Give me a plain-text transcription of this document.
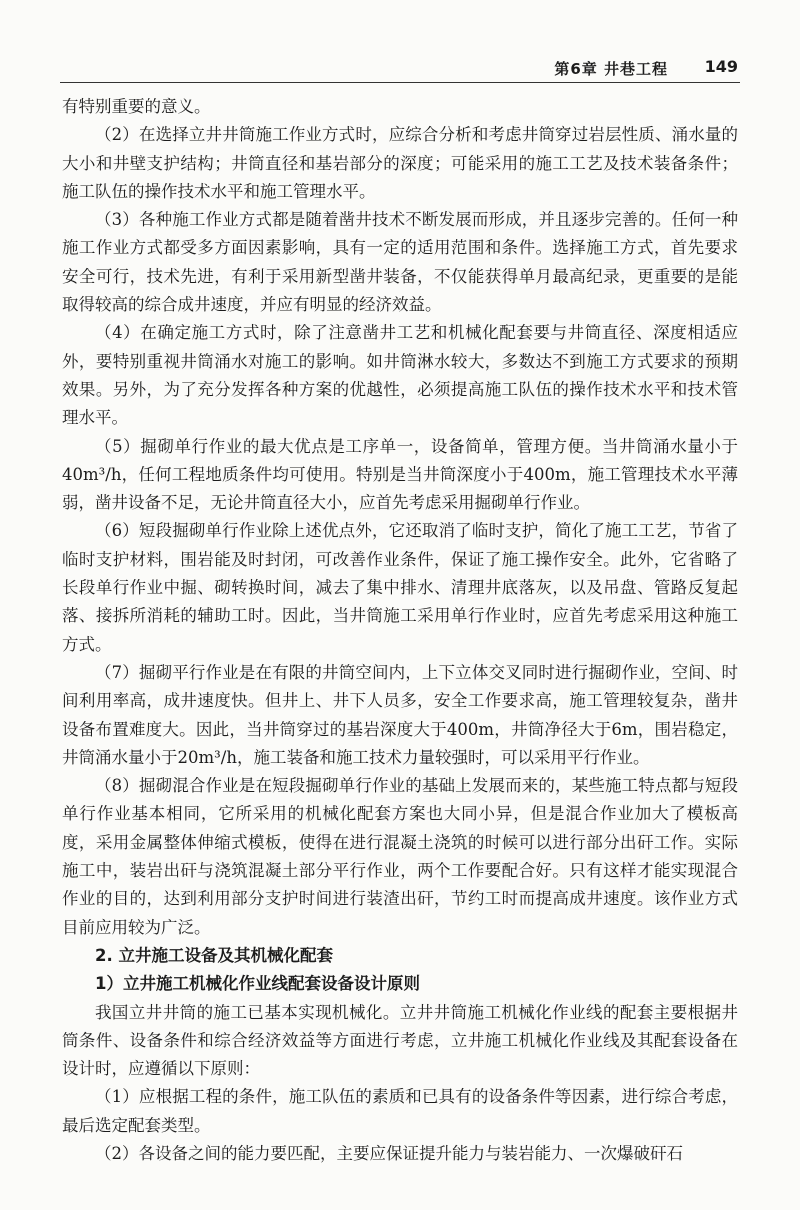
第6章 井巷工程 149

有特别重要的意义。

（2）在选择立井井筒施工作业方式时，应综合分析和考虑井筒穿过岩层性质、涌水量的大小和井壁支护结构；井筒直径和基岩部分的深度；可能采用的施工工艺及技术装备条件；施工队伍的操作技术水平和施工管理水平。

（3）各种施工作业方式都是随着凿井技术不断发展而形成，并且逐步完善的。任何一种施工作业方式都受多方面因素影响，具有一定的适用范围和条件。选择施工方式，首先要求安全可行，技术先进，有利于采用新型凿井装备，不仅能获得单月最高纪录，更重要的是能取得较高的综合成井速度，并应有明显的经济效益。

（4）在确定施工方式时，除了注意凿井工艺和机械化配套要与井筒直径、深度相适应外，要特别重视井筒涌水对施工的影响。如井筒淋水较大，多数达不到施工方式要求的预期效果。另外，为了充分发挥各种方案的优越性，必须提高施工队伍的操作技术水平和技术管理水平。

（5）掘砌单行作业的最大优点是工序单一，设备简单，管理方便。当井筒涌水量小于40m³/h，任何工程地质条件均可使用。特别是当井筒深度小于400m，施工管理技术水平薄弱，凿井设备不足，无论井筒直径大小，应首先考虑采用掘砌单行作业。

（6）短段掘砌单行作业除上述优点外，它还取消了临时支护，简化了施工工艺，节省了临时支护材料，围岩能及时封闭，可改善作业条件，保证了施工操作安全。此外，它省略了长段单行作业中掘、砌转换时间，减去了集中排水、清理井底落灰，以及吊盘、管路反复起落、接拆所消耗的辅助工时。因此，当井筒施工采用单行作业时，应首先考虑采用这种施工方式。

（7）掘砌平行作业是在有限的井筒空间内，上下立体交叉同时进行掘砌作业，空间、时间利用率高，成井速度快。但井上、井下人员多，安全工作要求高，施工管理较复杂，凿井设备布置难度大。因此，当井筒穿过的基岩深度大于400m，井筒净径大于6m，围岩稳定，井筒涌水量小于20m³/h，施工装备和施工技术力量较强时，可以采用平行作业。

（8）掘砌混合作业是在短段掘砌单行作业的基础上发展而来的，某些施工特点都与短段单行作业基本相同，它所采用的机械化配套方案也大同小异，但是混合作业加大了模板高度，采用金属整体伸缩式模板，使得在进行混凝土浇筑的时候可以进行部分出矸工作。实际施工中，装岩出矸与浇筑混凝土部分平行作业，两个工作要配合好。只有这样才能实现混合作业的目的，达到利用部分支护时间进行装渣出矸，节约工时而提高成井速度。该作业方式目前应用较为广泛。

2. 立井施工设备及其机械化配套
1）立井施工机械化作业线配套设备设计原则

我国立井井筒的施工已基本实现机械化。立井井筒施工机械化作业线的配套主要根据井筒条件、设备条件和综合经济效益等方面进行考虑，立井施工机械化作业线及其配套设备在设计时，应遵循以下原则：

（1）应根据工程的条件，施工队伍的素质和已具有的设备条件等因素，进行综合考虑，最后选定配套类型。

（2）各设备之间的能力要匹配，主要应保证提升能力与装岩能力、一次爆破矸石
